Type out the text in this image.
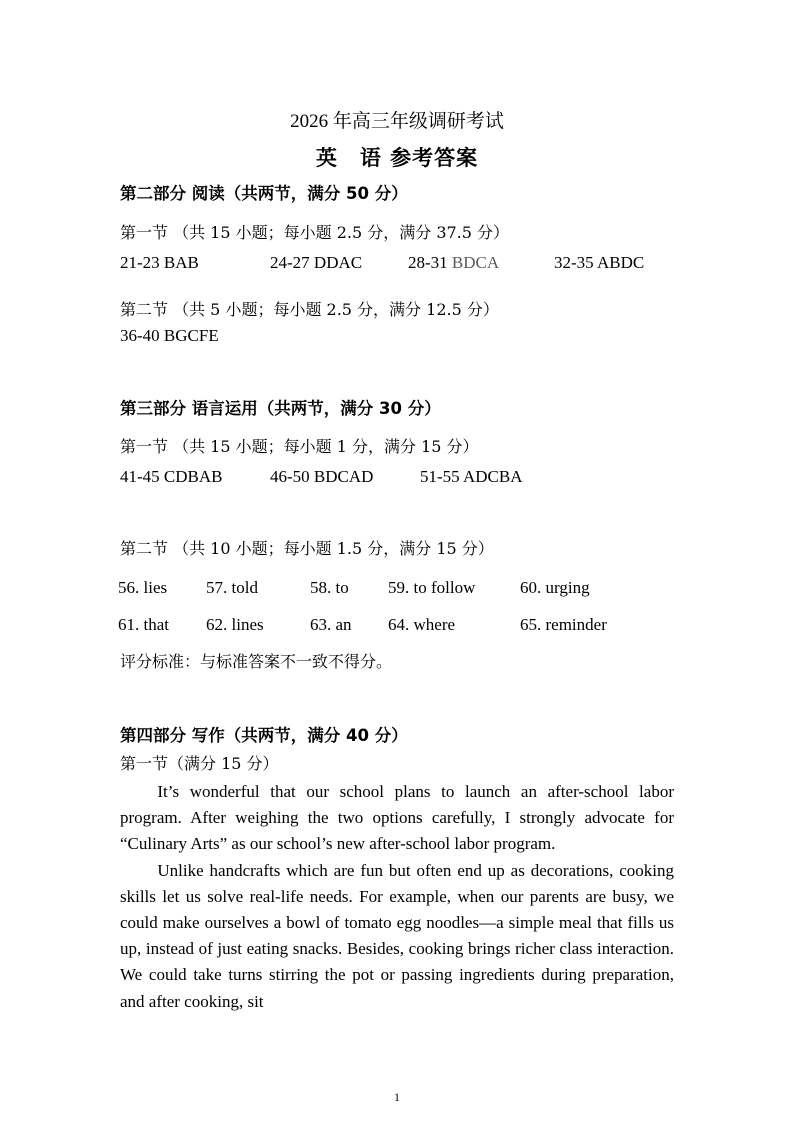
2026 年高三年级调研考试
英　语 参考答案
第二部分 阅读（共两节，满分 50 分）
第一节 （共 15 小题；每小题 2.5 分，满分 37.5 分）
21-23 BAB	24-27 DDAC	28-31 BDCA	32-35 ABDC
第二节 （共 5 小题；每小题 2.5 分，满分 12.5 分）
36-40 BGCFE
第三部分 语言运用（共两节，满分 30 分）
第一节 （共 15 小题；每小题 1 分，满分 15 分）
41-45 CDBAB	46-50 BDCAD	51-55 ADCBA
第二节 （共 10 小题；每小题 1.5 分，满分 15 分）
56. lies 57. told	58. to 59. to follow	60. urging
61. that 62. lines	63. an 64. where	65. reminder
评分标准：与标准答案不一致不得分。
第四部分 写作（共两节，满分 40 分）
第一节（满分 15 分）

It’s wonderful that our school plans to launch an after-school labor program. After weighing the two options carefully, I strongly advocate for “Culinary Arts” as our school’s new after-school labor program.

Unlike handcrafts which are fun but often end up as decorations, cooking skills let us solve real-life needs. For example, when our parents are busy, we could make ourselves a bowl of tomato egg noodles—a simple meal that fills us up, instead of just eating snacks. Besides, cooking brings richer class interaction. We could take turns stirring the pot or passing ingredients during preparation, and after cooking, sit

1
